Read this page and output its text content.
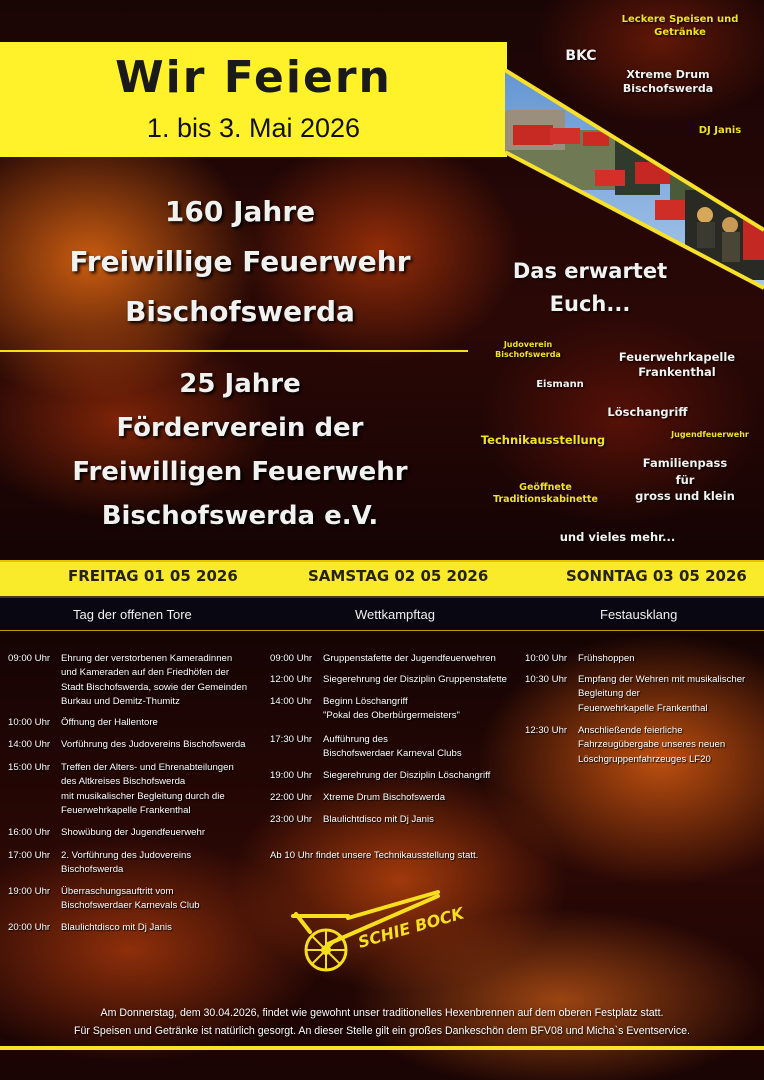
Wir Feiern
1. bis 3. Mai 2026
Leckere Speisen und
Getränke
BKC
Xtreme Drum
Bischofswerda
DJ Janis
160 Jahre
Freiwillige Feuerwehr
Bischofswerda
25 Jahre
Förderverein der
Freiwilligen Feuerwehr
Bischofswerda e.V.
Das erwartet
Euch...
Judoverein
Bischofswerda	Feuerwehrkapelle
Frankenthal
Eismann
Löschangriff
Technikausstellung	Jugendfeuerwehr
Familienpass
für
gross und klein
Geöffnete
Traditionskabinette
und vieles mehr...
FREITAG 01 05 2026	SAMSTAG 02 05 2026	SONNTAG 03 05 2026
Tag der offenen Tore	Wettkampftag	Festausklang
09:00 Uhr	Ehrung der verstorbenen Kameradinnen
und Kameraden auf den Friedhöfen der
Stadt Bischofswerda, sowie der Gemeinden
Burkau und Demitz-Thumitz
10:00 Uhr	Öffnung der Hallentore
14:00 Uhr	Vorführung des Judovereins Bischofswerda
15:00 Uhr	Treffen der Alters- und Ehrenabteilungen
des Altkreises Bischofswerda
mit musikalischer Begleitung durch die
Feuerwehrkapelle Frankenthal
16:00 Uhr	Showübung der Jugendfeuerwehr
17:00 Uhr	2. Vorführung des Judovereins
Bischofswerda
19:00 Uhr	Überraschungsauftritt vom
Bischofswerdaer Karnevals Club
20:00 Uhr	Blaulichtdisco mit Dj Janis
09:00 Uhr	Gruppenstafette der Jugendfeuerwehren
12:00 Uhr	Siegerehrung der Disziplin Gruppenstafette
14:00 Uhr	Beginn Löschangriff
"Pokal des Oberbürgermeisters"
17:30 Uhr	Aufführung des
Bischofswerdaer Karneval Clubs
19:00 Uhr	Siegerehrung der Disziplin Löschangriff
22:00 Uhr	Xtreme Drum Bischofswerda
23:00 Uhr	Blaulichtdisco mit Dj Janis
Ab 10 Uhr findet unsere Technikausstellung statt.
10:00 Uhr	Frühshoppen
10:30 Uhr	Empfang der Wehren mit musikalischer
Begleitung der
Feuerwehrkapelle Frankenthal
12:30 Uhr	Anschließende feierliche
Fahrzeugübergabe unseres neuen
Löschgruppenfahrzeuges LF20
SCHIE BOCK
Am Donnerstag, dem 30.04.2026, findet wie gewohnt unser traditionelles Hexenbrennen auf dem oberen Festplatz statt.
Für Speisen und Getränke ist natürlich gesorgt. An dieser Stelle gilt ein großes Dankeschön dem BFV08 und Micha`s Eventservice.
